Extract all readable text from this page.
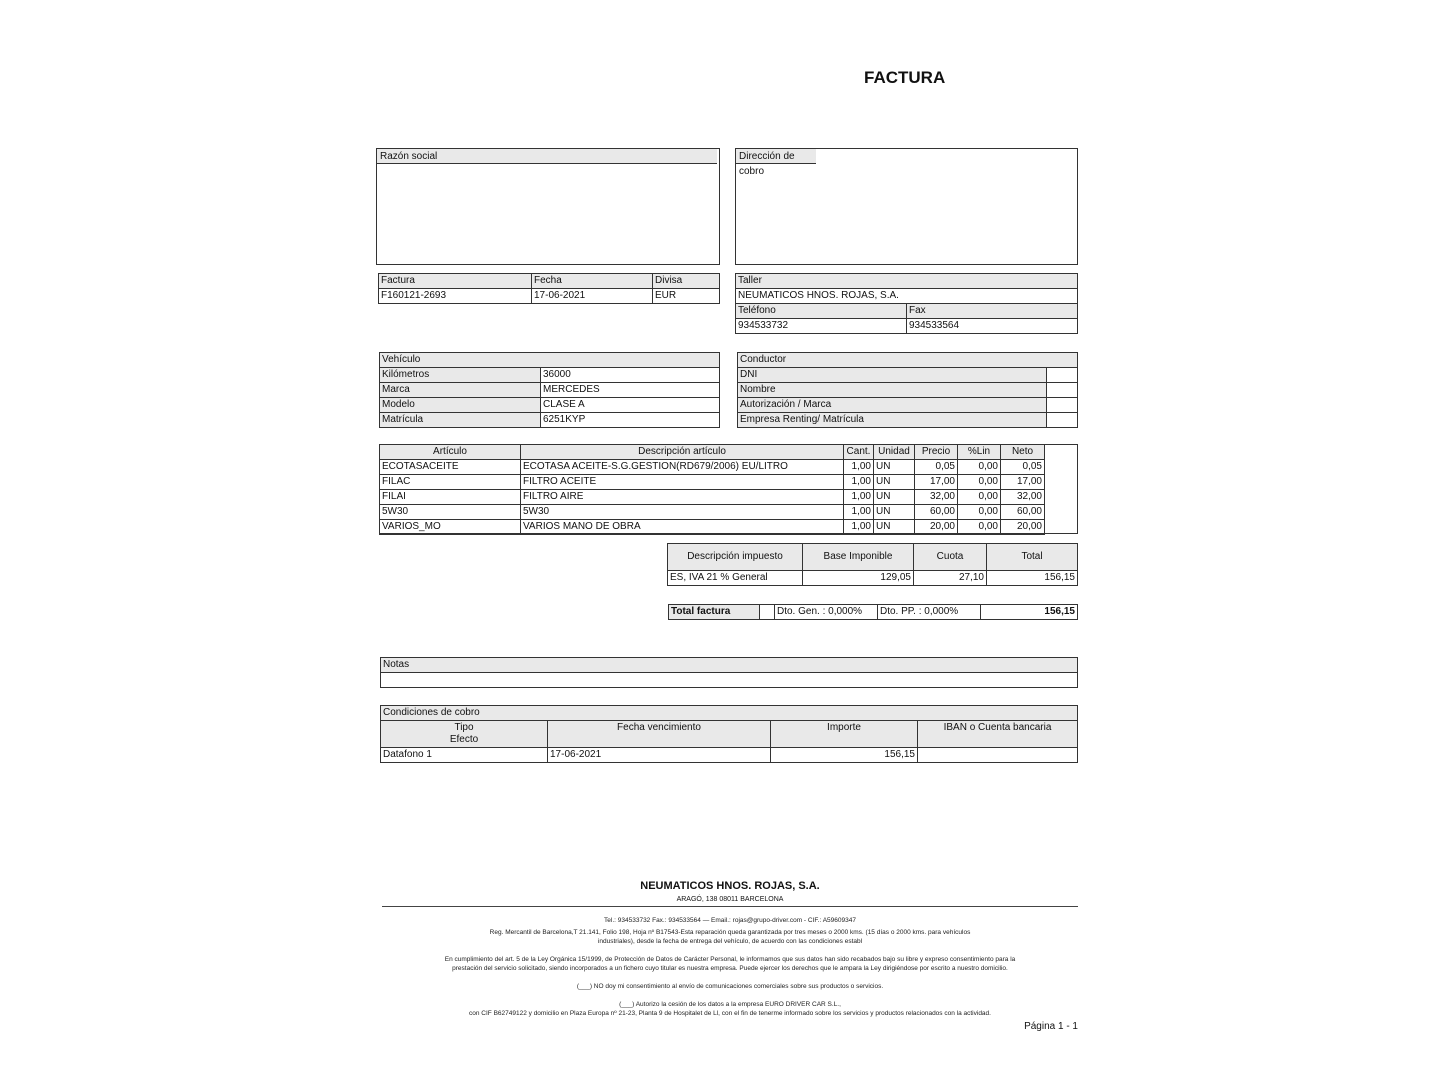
FACTURA
Razón social	Dirección de cobro
Factura	Fecha	Divisa
F160121-2693	17-06-2021	EUR
Taller	
NEUMATICOS HNOS. ROJAS, S.A.	
Teléfono	Fax
934533732	934533564
Vehículo	
Kilómetros	36000
Marca	MERCEDES
Modelo	CLASE A
Matrícula	6251KYP
Conductor	
DNI	
Nombre	
Autorización / Marca	
Empresa Renting/ Matrícula	
Artículo	Descripción artículo	Cant.	Unidad	Precio	%Lin	Neto
ECOTASACEITE	ECOTASA ACEITE-S.G.GESTION(RD679/2006) EU/LITRO	1,00	UN	0,05	0,00	0,05
FILAC	FILTRO ACEITE	1,00	UN	17,00	0,00	17,00
FILAI	FILTRO AIRE	1,00	UN	32,00	0,00	32,00
5W30	5W30	1,00	UN	60,00	0,00	60,00
VARIOS_MO	VARIOS MANO DE OBRA	1,00	UN	20,00	0,00	20,00
Descripción impuesto	Base Imponible	Cuota	Total
ES, IVA 21 % General	129,05	27,10	156,15
Total factura		Dto. Gen. : 0,000%	Dto. PP. : 0,000%	156,15
Notas

Condiciones de cobro			
Tipo Efecto	Fecha vencimiento	Importe	IBAN o Cuenta bancaria
Datafono 1	17-06-2021	156,15	
NEUMATICOS HNOS. ROJAS, S.A.
ARAGÓ, 138 08011 BARCELONA
Tel.: 934533732 Fax.: 934533564 — Email.: rojas@grupo-driver.com - CIF.: A59609347
Reg. Mercantil de Barcelona,T 21.141, Folio 198, Hoja nº B17543-Esta reparación queda garantizada por tres meses o 2000 kms. (15 días o 2000 kms. para vehículos
industriales), desde la fecha de entrega del vehículo, de acuerdo con las condiciones establ
En cumplimiento del art. 5 de la Ley Orgánica 15/1999, de Protección de Datos de Carácter Personal, le informamos que sus datos han sido recabados bajo su libre y expreso consentimiento para la
prestación del servicio solicitado, siendo incorporados a un fichero cuyo titular es nuestra empresa. Puede ejercer los derechos que le ampara la Ley dirigiéndose por escrito a nuestro domicilio.
(___) NO doy mi consentimiento al envío de comunicaciones comerciales sobre sus productos o servicios.
(___) Autorizo la cesión de los datos a la empresa EURO DRIVER CAR S.L.,
con CIF B62749122 y domicilio en Plaza Europa nº 21-23, Planta 9 de Hospitalet de Ll, con el fin de tenerme informado sobre los servicios y productos relacionados con la actividad.
Página 1 - 1
